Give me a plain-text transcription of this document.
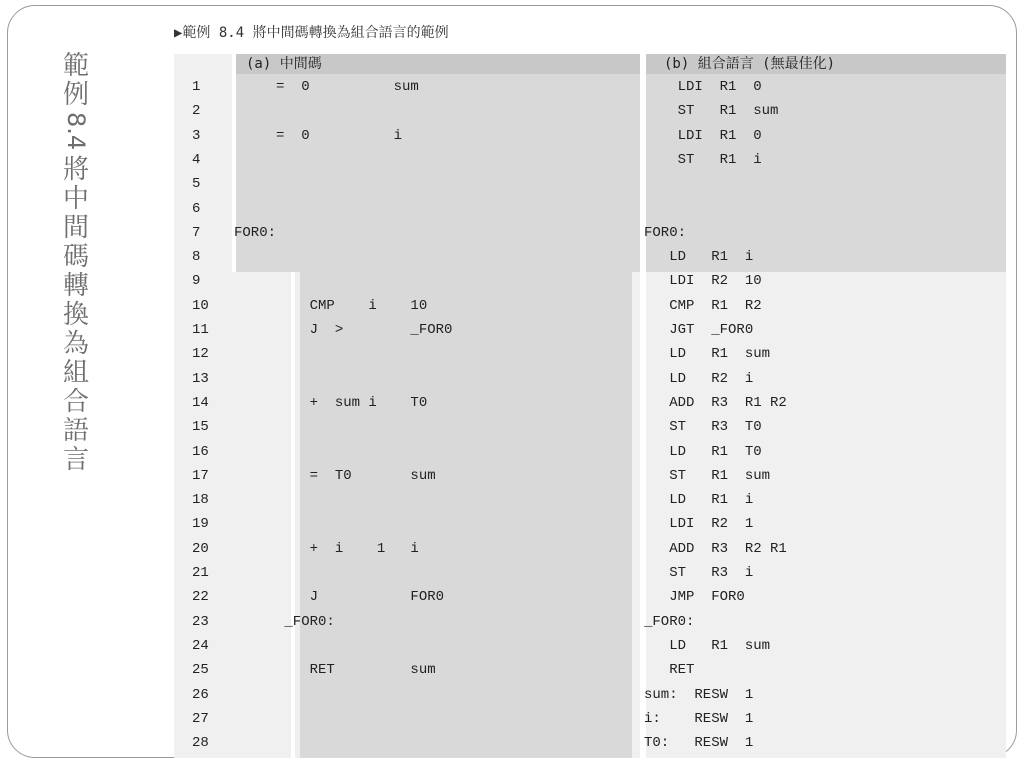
範
例
8.4
將
中
間
碼
轉
換
為
組
合
語
言
▶範例 8.4 將中間碼轉換為組合語言的範例
(a) 中間碼	(b) 組合語言 (無最佳化)
1 =  0          sum	LDI  R1  0
2	ST   R1  sum
3 =  0          i	LDI  R1  0
4	ST   R1  i
5
6
7 FOR0:	FOR0:
8	LD   R1  i
9	LDI  R2  10
10 CMP    i    10	CMP  R1  R2
11 J  >        _FOR0	JGT  _FOR0
12	LD   R1  sum
13	LD   R2  i
14 +  sum i    T0	ADD  R3  R1 R2
15	ST   R3  T0
16	LD   R1  T0
17 =  T0       sum	ST   R1  sum
18	LD   R1  i
19	LDI  R2  1
20 +  i    1   i	ADD  R3  R2 R1
21	ST   R3  i
22 J           FOR0	JMP  FOR0
23 _FOR0:	_FOR0:
24	LD   R1  sum
25 RET         sum	RET
26	sum:  RESW  1
27	i:    RESW  1
28	T0:   RESW  1
